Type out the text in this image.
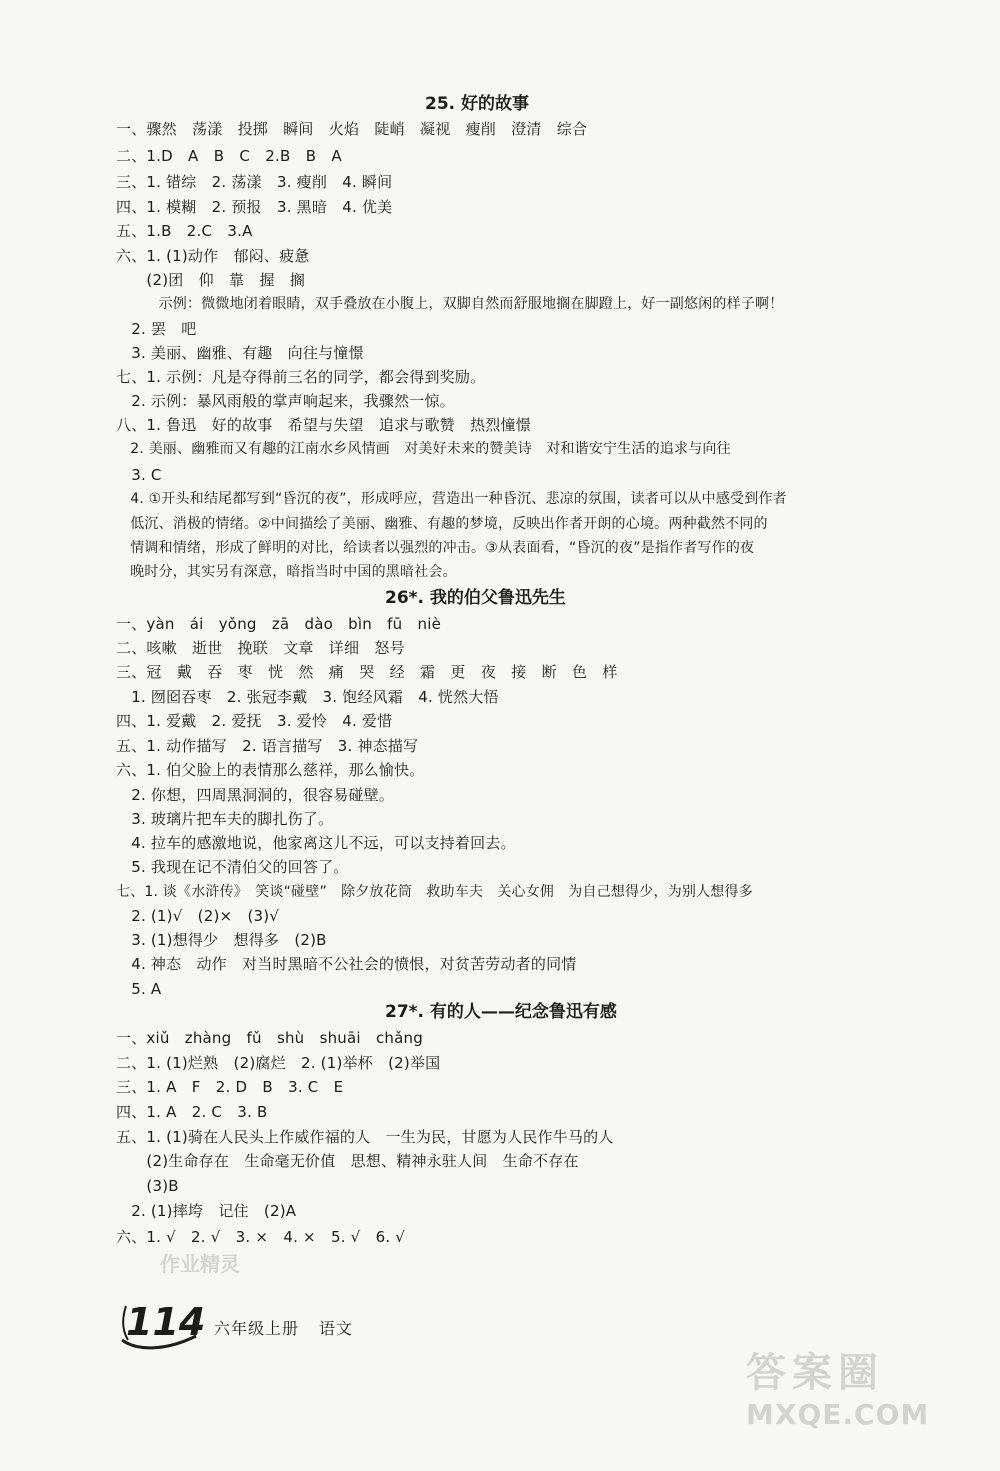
25. 好的故事
一、骤然　荡漾　投掷　瞬间　火焰　陡峭　凝视　瘦削　澄清　综合
二、1.D　A　B　C　2.B　B　A
三、1. 错综　2. 荡漾　3. 瘦削　4. 瞬间
四、1. 模糊　2. 预报　3. 黑暗　4. 优美
五、1.B　2.C　3.A
六、1. (1)动作　郁闷、疲惫
　　(2)团　仰　靠　握　搁
　　　示例：微微地闭着眼睛，双手叠放在小腹上，双脚自然而舒服地搁在脚蹬上，好一副悠闲的样子啊！
　2. 罢　吧
　3. 美丽、幽雅、有趣　向往与憧憬
七、1. 示例：凡是夺得前三名的同学，都会得到奖励。
　2. 示例：暴风雨般的掌声响起来，我骤然一惊。
八、1. 鲁迅　好的故事　希望与失望　追求与歌赞　热烈憧憬
　2. 美丽、幽雅而又有趣的江南水乡风情画　对美好未来的赞美诗　对和谐安宁生活的追求与向往
　3. C
　4. ①开头和结尾都写到“昏沉的夜”，形成呼应，营造出一种昏沉、悲凉的氛围，读者可以从中感受到作者
　低沉、消极的情绪。②中间描绘了美丽、幽雅、有趣的梦境，反映出作者开朗的心境。两种截然不同的
　情调和情绪，形成了鲜明的对比，给读者以强烈的冲击。③从表面看，“昏沉的夜”是指作者写作的夜
　晚时分，其实另有深意，暗指当时中国的黑暗社会。
26*. 我的伯父鲁迅先生
一、yàn　ái　yǒng　zā　dào　bìn　fū　niè
二、咳嗽　逝世　挽联　文章　详细　怒号
三、冠　戴　吞　枣　恍　然　痛　哭　经　霜　更　夜　接　断　色　样
　1. 囫囵吞枣　2. 张冠李戴　3. 饱经风霜　4. 恍然大悟
四、1. 爱戴　2. 爱抚　3. 爱怜　4. 爱惜
五、1. 动作描写　2. 语言描写　3. 神态描写
六、1. 伯父脸上的表情那么慈祥，那么愉快。
　2. 你想，四周黑洞洞的，很容易碰壁。
　3. 玻璃片把车夫的脚扎伤了。
　4. 拉车的感激地说，他家离这儿不远，可以支持着回去。
　5. 我现在记不清伯父的回答了。
七、1. 谈《水浒传》　笑谈“碰壁”　除夕放花筒　救助车夫　关心女佣　为自己想得少，为别人想得多
　2. (1)√　(2)×　(3)√
　3. (1)想得少　想得多　(2)B
　4. 神态　动作　对当时黑暗不公社会的愤恨，对贫苦劳动者的同情
　5. A
27*. 有的人——纪念鲁迅有感
一、xiǔ　zhàng　fǔ　shù　shuāi　chǎng
二、1. (1)烂熟　(2)腐烂　2. (1)举杯　(2)举国
三、1. A　F　2. D　B　3. C　E
四、1. A　2. C　3. B
五、1. (1)骑在人民头上作威作福的人　一生为民，甘愿为人民作牛马的人
　　(2)生命存在　生命毫无价值　思想、精神永驻人间　生命不存在
　　(3)B
　2. (1)摔垮　记住　(2)A
六、1. √　2. √　3. ×　4. ×　5. √　6. √
作业精灵
114 六年级上册 语文
答案圈
MXQE.COM
